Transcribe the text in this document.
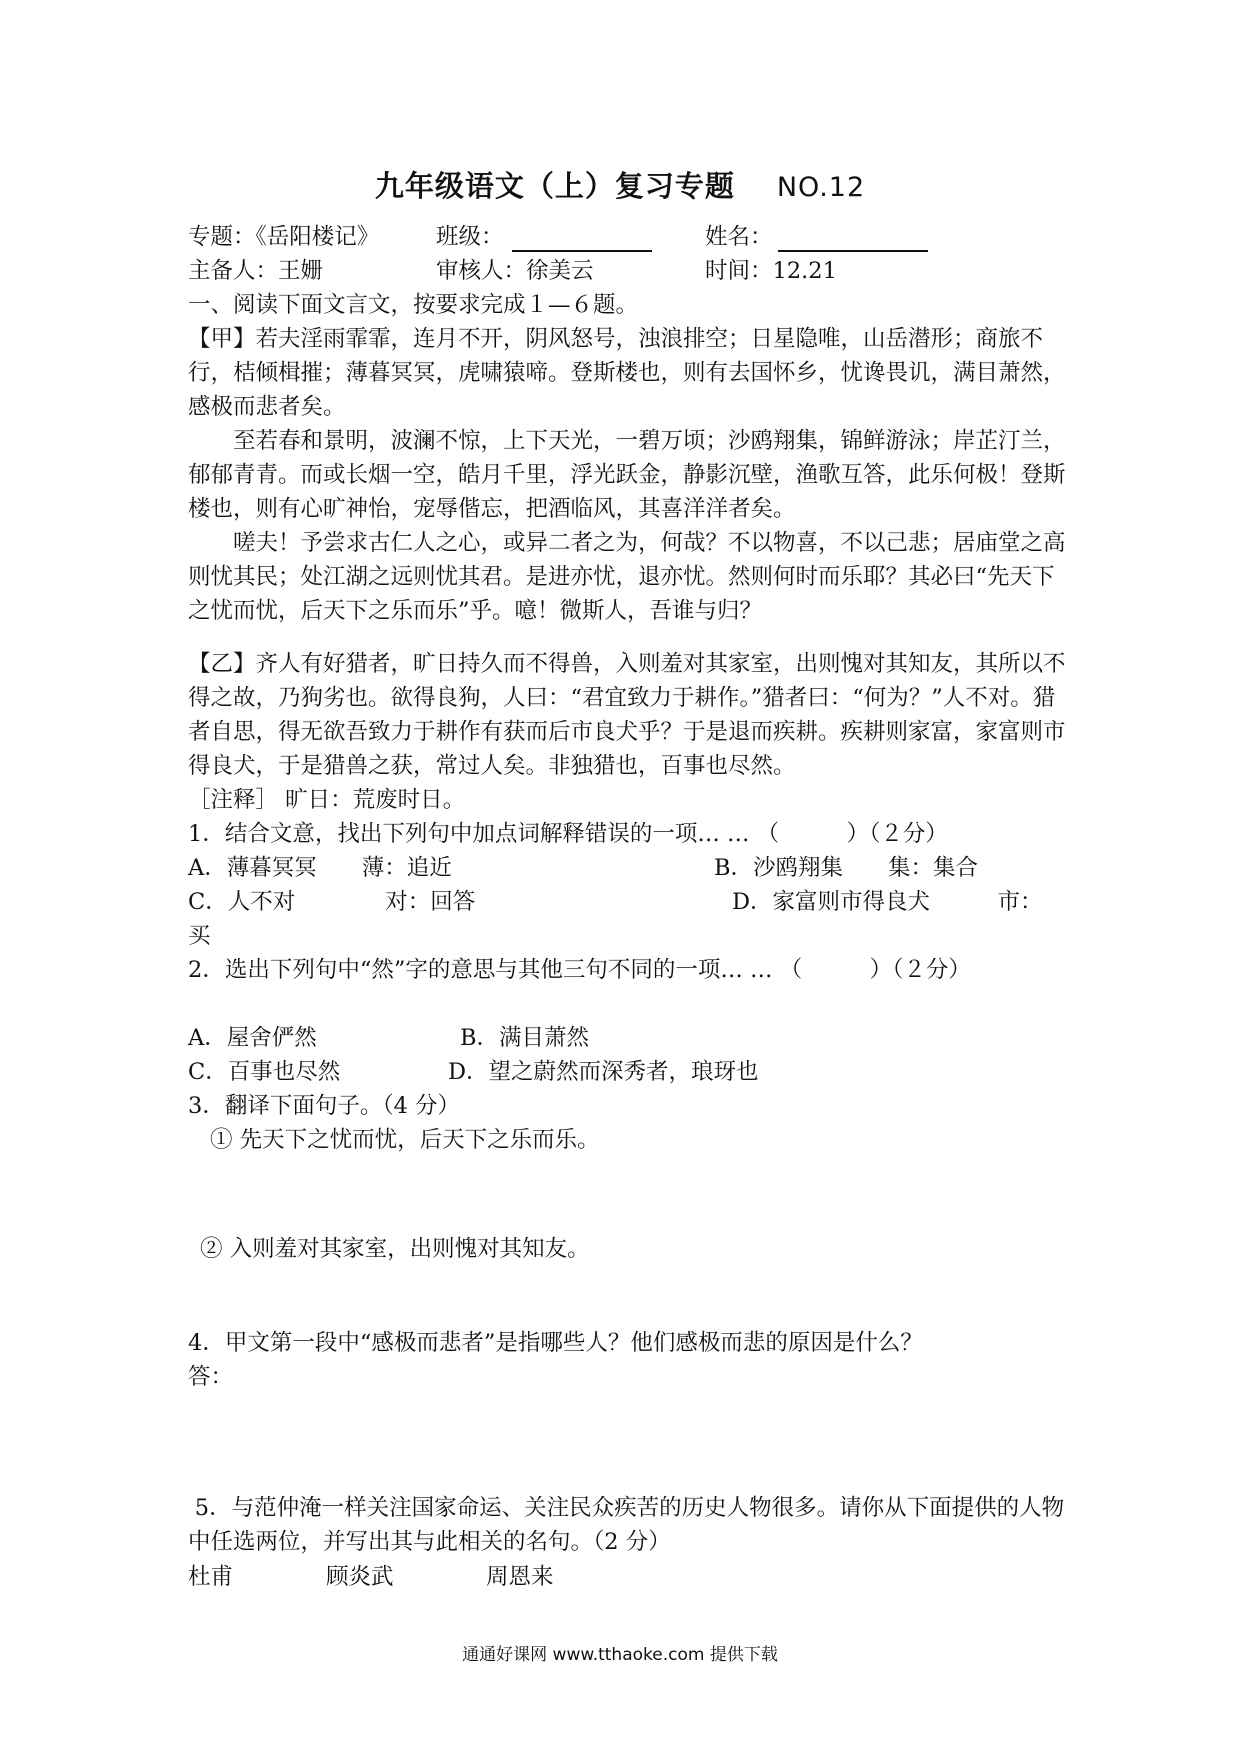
九年级语文（上）复习专题 NO.12
专题：《岳阳楼记》	班级：	姓名：
主备人：王姗	审核人：徐美云	时间：12.21
一、阅读下面文言文，按要求完成１—６题。
【甲】若夫淫雨霏霏，连月不开，阴风怒号，浊浪排空；日星隐唯，山岳潜形；商旅不行，桔倾楫摧；薄暮冥冥，虎啸猿啼。登斯楼也，则有去国怀乡，忧谗畏讥，满目萧然，感极而悲者矣。
至若春和景明，波澜不惊，上下天光，一碧万顷；沙鸥翔集，锦鲜游泳；岸芷汀兰，郁郁青青。而或长烟一空，皓月千里，浮光跃金，静影沉壁，渔歌互答，此乐何极！登斯楼也，则有心旷神怡，宠辱偕忘，把酒临风，其喜洋洋者矣。
嗟夫！予尝求古仁人之心，或异二者之为，何哉？不以物喜，不以己悲；居庙堂之高则忧其民；处江湖之远则忧其君。是进亦忧，退亦忧。然则何时而乐耶？其必曰“先天下之忧而忧，后天下之乐而乐”乎。噫！微斯人，吾谁与归？
【乙】齐人有好猎者，旷日持久而不得兽，入则羞对其家室，出则愧对其知友，其所以不得之故，乃狗劣也。欲得良狗，人曰：“君宜致力于耕作。”猎者曰：“何为？”人不对。猎者自思，得无欲吾致力于耕作有获而后市良犬乎？于是退而疾耕。疾耕则家富，家富则市得良犬，于是猎兽之获，常过人矣。非独猎也，百事也尽然。
［注释］ 旷日：荒废时日。
1．结合文意，找出下列句中加点词解释错误的一项… … （　　　）（２分）
A．薄暮冥冥　　薄：追近	B．沙鸥翔集　　集：集合
C．人不对　　　　对：回答	D．家富则市得良犬　　　市：
买
2．选出下列句中“然”字的意思与其他三句不同的一项… … （　　　）（２分）
A．屋舍俨然	B．满目萧然
C．百事也尽然	D．望之蔚然而深秀者，琅玡也
3．翻译下面句子。（4 分）
① 先天下之忧而忧，后天下之乐而乐。
② 入则羞对其家室，出则愧对其知友。
4．甲文第一段中“感极而悲者”是指哪些人？他们感极而悲的原因是什么？
答：
5．与范仲淹一样关注国家命运、关注民众疾苦的历史人物很多。请你从下面提供的人物中任选两位，并写出其与此相关的名句。（2 分）
杜甫	顾炎武	周恩来
通通好课网 www.tthaoke.com 提供下载
